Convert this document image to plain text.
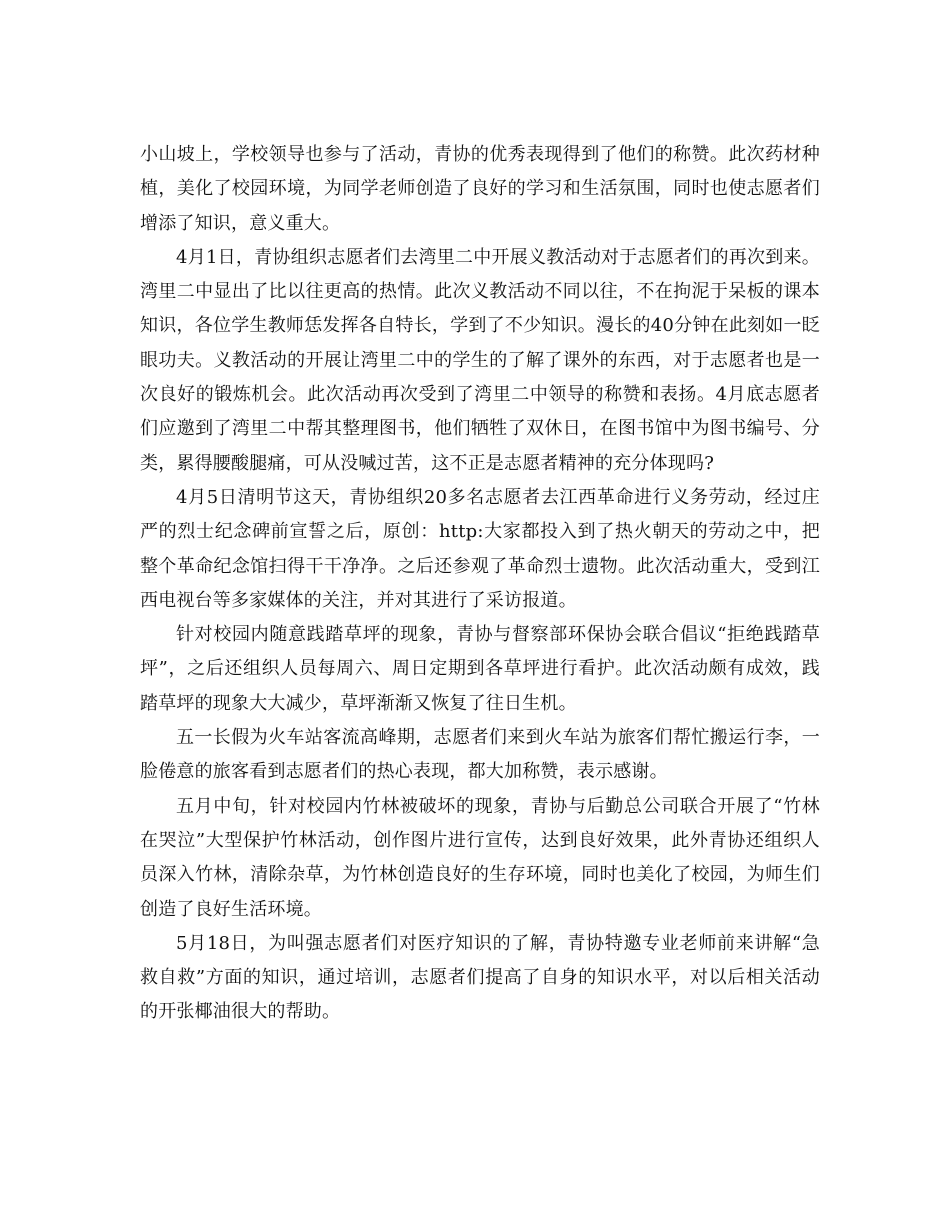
小山坡上，学校领导也参与了活动，青协的优秀表现得到了他们的称赞。此次药材种植，美化了校园环境，为同学老师创造了良好的学习和生活氛围，同时也使志愿者们增添了知识，意义重大。

4月1日，青协组织志愿者们去湾里二中开展义教活动对于志愿者们的再次到来。湾里二中显出了比以往更高的热情。此次义教活动不同以往，不在拘泥于呆板的课本知识，各位学生教师恁发挥各自特长，学到了不少知识。漫长的40分钟在此刻如一眨眼功夫。义教活动的开展让湾里二中的学生的了解了课外的东西，对于志愿者也是一次良好的锻炼机会。此次活动再次受到了湾里二中领导的称赞和表扬。4月底志愿者们应邀到了湾里二中帮其整理图书，他们牺牲了双休日，在图书馆中为图书编号、分类，累得腰酸腿痛，可从没喊过苦，这不正是志愿者精神的充分体现吗?

4月5日清明节这天，青协组织20多名志愿者去江西革命进行义务劳动，经过庄严的烈士纪念碑前宣誓之后，原创：http:大家都投入到了热火朝天的劳动之中，把整个革命纪念馆扫得干干净净。之后还参观了革命烈士遗物。此次活动重大，受到江西电视台等多家媒体的关注，并对其进行了采访报道。

针对校园内随意践踏草坪的现象，青协与督察部环保协会联合倡议“拒绝践踏草坪”，之后还组织人员每周六、周日定期到各草坪进行看护。此次活动颇有成效，践踏草坪的现象大大减少，草坪渐渐又恢复了往日生机。

五一长假为火车站客流高峰期，志愿者们来到火车站为旅客们帮忙搬运行李，一脸倦意的旅客看到志愿者们的热心表现，都大加称赞，表示感谢。

五月中旬，针对校园内竹林被破坏的现象，青协与后勤总公司联合开展了“竹林在哭泣”大型保护竹林活动，创作图片进行宣传，达到良好效果，此外青协还组织人员深入竹林，清除杂草，为竹林创造良好的生存环境，同时也美化了校园，为师生们创造了良好生活环境。

5月18日，为叫强志愿者们对医疗知识的了解，青协特邀专业老师前来讲解“急救自救”方面的知识，通过培训，志愿者们提高了自身的知识水平，对以后相关活动的开张椰油很大的帮助。
